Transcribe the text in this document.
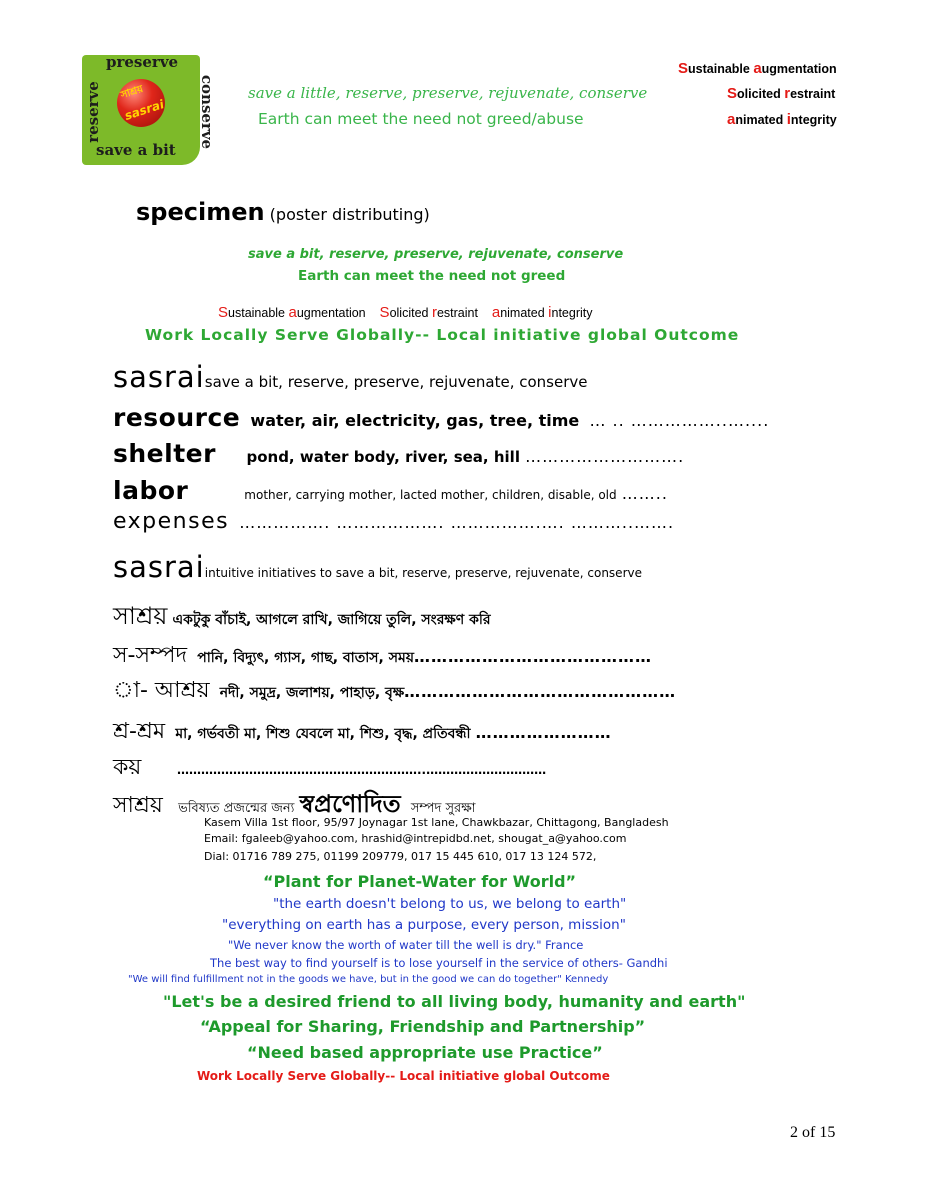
preserve
reserve	conserve
save a bit
সাশ্রয়
sasrai
save a little, reserve, preserve, rejuvenate, conserve
Earth can meet the need not greed/abuse
Sustainable augmentation
Solicited restraint
animated integrity
specimen (poster distributing)
save a bit, reserve, preserve, rejuvenate, conserve
Earth can meet the need not greed
Sustainable augmentation Solicited restraint animated integrity
Work Locally Serve Globally-- Local initiative global Outcome
sasraisave a bit, reserve, preserve, rejuvenate, conserve
resource water, air, electricity, gas, tree, time … .. ……………..…....
shelter pond, water body, river, sea, hill ……………………….
labor	mother, carrying mother, lacted mother, children, disable, old ……..
expenses ……………. ………………. …………….…. ………..…….
sasraiintuitive initiatives to save a bit, reserve, preserve, rejuvenate, conserve
সাশ্রয় একটুকু বাঁচাই, আগলে রাখি, জাগিয়ে তুলি, সংরক্ষণ করি
স-সম্পদ পানি, বিদ্যুৎ, গ্যাস, গাছ, বাতাস, সময়……………………………………
া- আশ্রয় নদী, সমুদ্র, জলাশয়, পাহাড়, বৃক্ষ…………………………………………
শ্র-শ্রম মা, গর্ভবতী মা, শিশু যেবলে মা, শিশু, বৃদ্ধ, প্রতিবন্ধী ……………………
কয়	……………………………………………………..…………………………
সাশ্রয় ভবিষ্যত প্রজন্মের জন্য স্বপ্রণোদিত সম্পদ সুরক্ষা
Kasem Villa 1st floor, 95/97 Joynagar 1st lane, Chawkbazar, Chittagong, Bangladesh
Email: fgaleeb@yahoo.com, hrashid@intrepidbd.net, shougat_a@yahoo.com
Dial: 01716 789 275, 01199 209779, 017 15 445 610, 017 13 124 572,
“Plant for Planet-Water for World”
"the earth doesn't belong to us, we belong to earth"
"everything on earth has a purpose, every person, mission"
"We never know the worth of water till the well is dry." France
The best way to find yourself is to lose yourself in the service of others- Gandhi
"We will find fulfillment not in the goods we have, but in the good we can do together" Kennedy
"Let's be a desired friend to all living body, humanity and earth"
“Appeal for Sharing, Friendship and Partnership”
“Need based appropriate use Practice”
Work Locally Serve Globally-- Local initiative global Outcome
2 of 15
